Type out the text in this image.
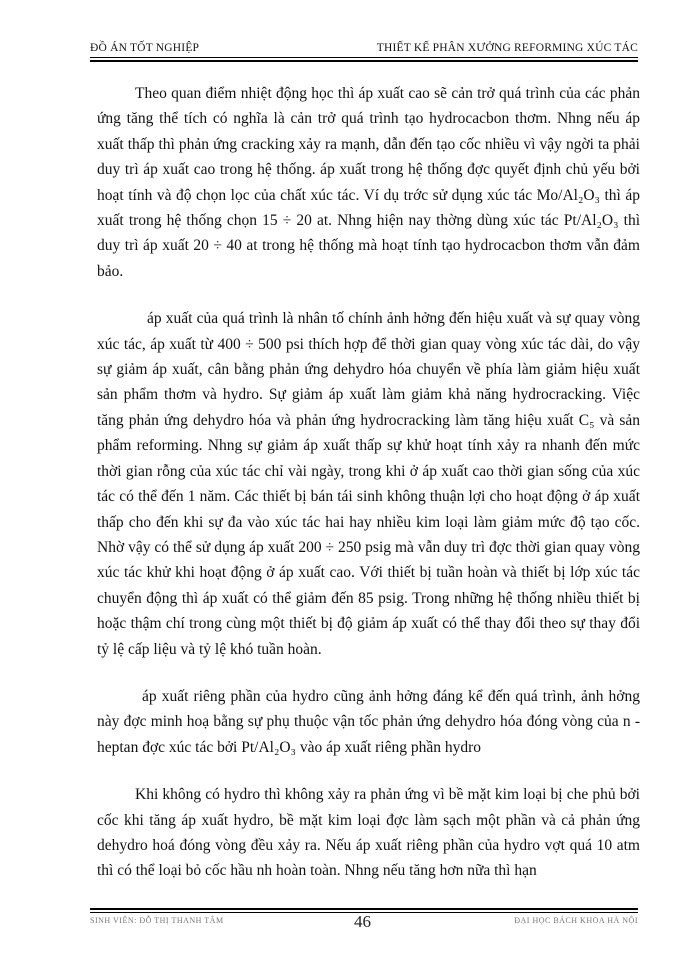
ĐỒ ÁN TỐT NGHIỆP	THIẾT KẾ PHÂN XƯỞNG REFORMING XÚC TÁC

Theo quan điểm nhiệt động học thì áp xuất cao sẽ cản trở quá trình của các phản ứng tăng thể tích có nghĩa là cản trở quá trình tạo hydrocacbon thơm. Nhng nếu áp xuất thấp thì phản ứng cracking xảy ra mạnh, dẫn đến tạo cốc nhiều vì vậy ngời ta phải duy trì áp xuất cao trong hệ thống. áp xuất trong hệ thống đợc quyết định chủ yếu bởi hoạt tính và độ chọn lọc của chất xúc tác. Ví dụ trớc sử dụng xúc tác Mo/Al₂O₃ thì áp xuất trong hệ thống chọn 15 ÷ 20 at. Nhng hiện nay thờng dùng xúc tác Pt/Al₂O₃ thì duy trì áp xuất 20 ÷ 40 at trong hệ thống mà hoạt tính tạo hydrocacbon thơm vẫn đảm bảo.

áp xuất của quá trình là nhân tố chính ảnh hởng đến hiệu xuất và sự quay vòng xúc tác, áp xuất từ 400 ÷ 500 psi thích hợp để thời gian quay vòng xúc tác dài, do vậy sự giảm áp xuất, cân bằng phản ứng dehydro hóa chuyển về phía làm giảm hiệu xuất sản phẩm thơm và hydro. Sự giảm áp xuất làm giảm khả năng hydrocracking. Việc tăng phản ứng dehydro hóa và phản ứng hydrocracking làm tăng hiệu xuất C₅ và sản phẩm reforming. Nhng sự giảm áp xuất thấp sự khử hoạt tính xảy ra nhanh đến mức thời gian rỗng của xúc tác chỉ vài ngày, trong khi ở áp xuất cao thời gian sống của xúc tác có thể đến 1 năm. Các thiết bị bán tái sinh không thuận lợi cho hoạt động ở áp xuất thấp cho đến khi sự đa vào xúc tác hai hay nhiều kim loại làm giảm mức độ tạo cốc. Nhờ vậy có thể sử dụng áp xuất 200 ÷ 250 psig mà vẫn duy trì đợc thời gian quay vòng xúc tác khử khi hoạt động ở áp xuất cao. Với thiết bị tuần hoàn và thiết bị lớp xúc tác chuyển động thì áp xuất có thể giảm đến 85 psig. Trong những hệ thống nhiều thiết bị hoặc thậm chí trong cùng một thiết bị độ giảm áp xuất có thể thay đổi theo sự thay đổi tỷ lệ cấp liệu và tỷ lệ khó tuần hoàn.

áp xuất riêng phần của hydro cũng ảnh hởng đáng kể đến quá trình, ảnh hởng này đợc minh hoạ bằng sự phụ thuộc vận tốc phản ứng dehydro hóa đóng vòng của n - heptan đợc xúc tác bởi Pt/Al₂O₃ vào áp xuất riêng phần hydro

Khi không có hydro thì không xảy ra phản ứng vì bề mặt kim loại bị che phủ bởi cốc khi tăng áp xuất hydro, bề mặt kim loại đợc làm sạch một phần và cả phản ứng dehydro hoá đóng vòng đều xảy ra. Nếu áp xuất riêng phần của hydro vợt quá 10 atm thì có thể loại bỏ cốc hầu nh hoàn toàn. Nhng nếu tăng hơn nữa thì hạn

SINH VIÊN: ĐỖ THỊ THANH TÂM	46	ĐẠI HỌC BÁCH KHOA HÀ NỘI
